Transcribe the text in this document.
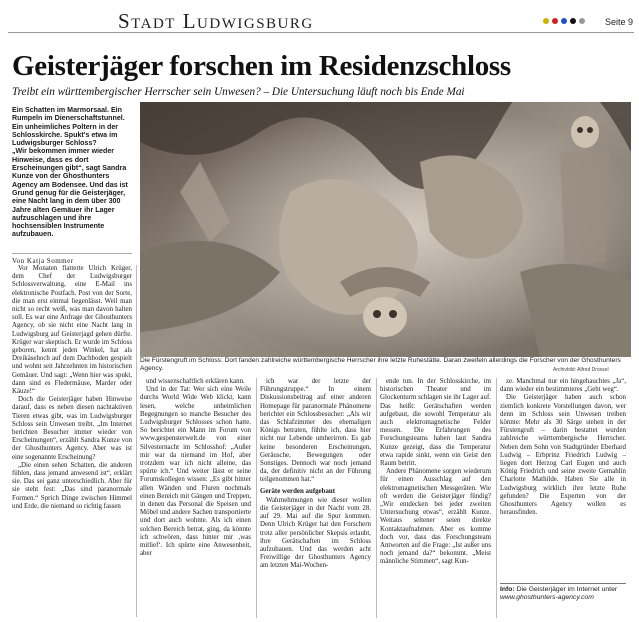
Stadt Ludwigsburg	Seite 9
Geisterjäger forschen im Residenzschloss
Treibt ein württembergischer Herrscher sein Unwesen? – Die Untersuchung läuft noch bis Ende Mai

Ein Schatten im Marmorsaal. Ein Rumpeln im Dienerschaftstunnel. Ein unheimliches Poltern in der Schlosskirche. Spukt's etwa im Ludwigsburger Schloss?

„Wir bekommen immer wieder Hinweise, dass es dort Erscheinungen gibt“, sagt Sandra Kunze von der Ghosthunters Agency am Bodensee. Und das ist Grund genug für die Geisterjäger, eine Nacht lang in dem über 300 Jahre alten Gemäuer ihr Lager aufzuschlagen und ihre hochsensiblen Instrumente aufzubauen.

Von Katja Sommer

Vor Monaten flatterte Ulrich Krüger, dem Chef der Ludwigsburger Schlossverwaltung, eine E-Mail ins elektronische Postfach. Post von der Sorte, die man erst einmal liegenlässt. Weil man nicht so recht weiß, was man davon halten soll. Es war eine Anfrage der Ghosthunters Agency, ob sie nicht eine Nacht lang in Ludwigsburg auf Geisterjagd gehen dürfte. Krüger war skeptisch. Er wurde im Schloss geboren, kennt jeden Winkel, hat als Dreikäsehoch auf dem Dachboden gespielt und wohnt seit Jahrzehnten im historischen Gemäuer. Und sagt: „Wenn hier was spukt, dann sind es Fledermäuse, Marder oder Käuze!“

Doch die Geisterjäger haben Hinweise darauf, dass es neben diesen nachtaktiven Tieren etwas gibt, was im Ludwigsburger Schloss sein Unwesen treibt. „Im Internet berichten Besucher immer wieder von Erscheinungen“, erzählt Sandra Kunze von der Ghosthunters Agency. Aber was ist eine sogenannte Erscheinung?

„Die einen sehen Schatten, die anderen fühlen, dass jemand anwesend ist“, erklärt sie. Das sei ganz unterschiedlich. Aber für sie steht fest: „Das sind paranormale Formen.“ Sprich Dinge zwischen Himmel und Erde, die niemand so richtig fassen

Die Fürstengruft im Schloss: Dort fanden zahlreiche württembergische Herrscher ihre letzte Ruhestätte. Daran zweifeln allerdings die Forscher von der Ghosthunters Agency.	Archivbild: Alfred Drossel

und wissenschaftlich erklären kann.

Und in der Tat: Wer sich eine Weile durchs World Wide Web klickt, kann lesen, welche unheimlichen Begegnungen so manche Besucher des Ludwigsburger Schlosses schon hatte. So berichtet ein Mann im Forum von www.gespensterwelt.de von einer Silvesternacht im Schlosshof: „Außer mir war da niemand im Hof, aber trotzdem war ich nicht alleine, das spürte ich.“ Und weiter lässt er seine Forumskollegen wissen: „Es gibt hinter allen Wänden und Fluren nochmals einen Bereich mit Gängen und Treppen, in denen das Personal die Speisen und Möbel und andere Sachen transportierte und dort auch wohnte. Als ich einen solchen Bereich betrat, ging, da könnte ich schwören, dass hinter mir ‚was mitlief‘. Ich spürte eine Anwesenheit, aber

ich war der letzte der Führungstruppe.“ In einem Diskussionsbeitrag auf einer anderen Homepage für paranormale Phänomene berichtet ein Schlossbesucher: „Als wir das Schlafzimmer des ehemaligen Königs betraten, fühlte ich, dass hier nicht nur Lebende umherirren. Es gab keine besonderen Erscheinungen, Geräusche, Bewegungen oder Sonstiges. Dennoch war noch jemand da, der definitiv nicht an der Führung teilgenommen hat.“

Geräte werden aufgebaut

Wahrnehmungen wie dieser wollen die Geisterjäger in der Nacht vom 28. auf 29. Mai auf die Spur kommen. Denn Ulrich Krüger hat den Forschern trotz aller persönlicher Skepsis erlaubt, ihre Gerätschaften im Schloss aufzubauen. Und das werden acht Freiwillige der Ghosthunters Agency am letzten Mai-Wochen-

ende tun. In der Schlosskirche, im historischen Theater und im Glockenturm schlagen sie ihr Lager auf. Das heißt: Gerätschaften werden aufgebaut, die sowohl Temperatur als auch elektromagnetische Felder messen. Die Erfahrungen des Forschungsteams haben laut Sandra Kunze gezeigt, dass die Temperatur etwa rapide sinkt, wenn ein Geist den Raum betritt.

Andere Phänomene sorgen wiederum für einen Ausschlag auf den elektromagnetischen Messgeräten. Wie oft werden die Geisterjäger fündig? „Wir entdecken bei jeder zweiten Untersuchung etwas“, erzählt Kunze. Weitaus seltener seien direkte Kontaktaufnahmen. Aber es komme doch vor, dass das Forschungsteam Antworten auf die Frage: „Ist außer uns noch jemand da?“ bekommt. „Meist männliche Stimmen“, sagt Kun-

ze. Manchmal nur ein hingehauchtes „Ja“, dann wieder ein bestimmteres „Geht weg“.

Die Geisterjäger haben auch schon ziemlich konkrete Vorstellungen davon, wer denn im Schloss sein Unwesen treiben könnte: Mehr als 30 Särge stehen in der Fürstengruft – darin bestattet wurden zahlreiche württembergische Herrscher. Neben dem Sohn von Stadtgründer Eberhard Ludwig – Erbprinz Friedrich Ludwig – liegen dort Herzog Carl Eugen und auch König Friedrich und seine zweite Gemahlin Charlotte Mathilde. Haben Sie alle in Ludwigsburg wirklich ihre letzte Ruhe gefunden? Die Experten von der Ghosthunters Agency wollen es herausfinden.

Info: Die Geisterjäger im Internet unter www.ghosthunters-agency.com
